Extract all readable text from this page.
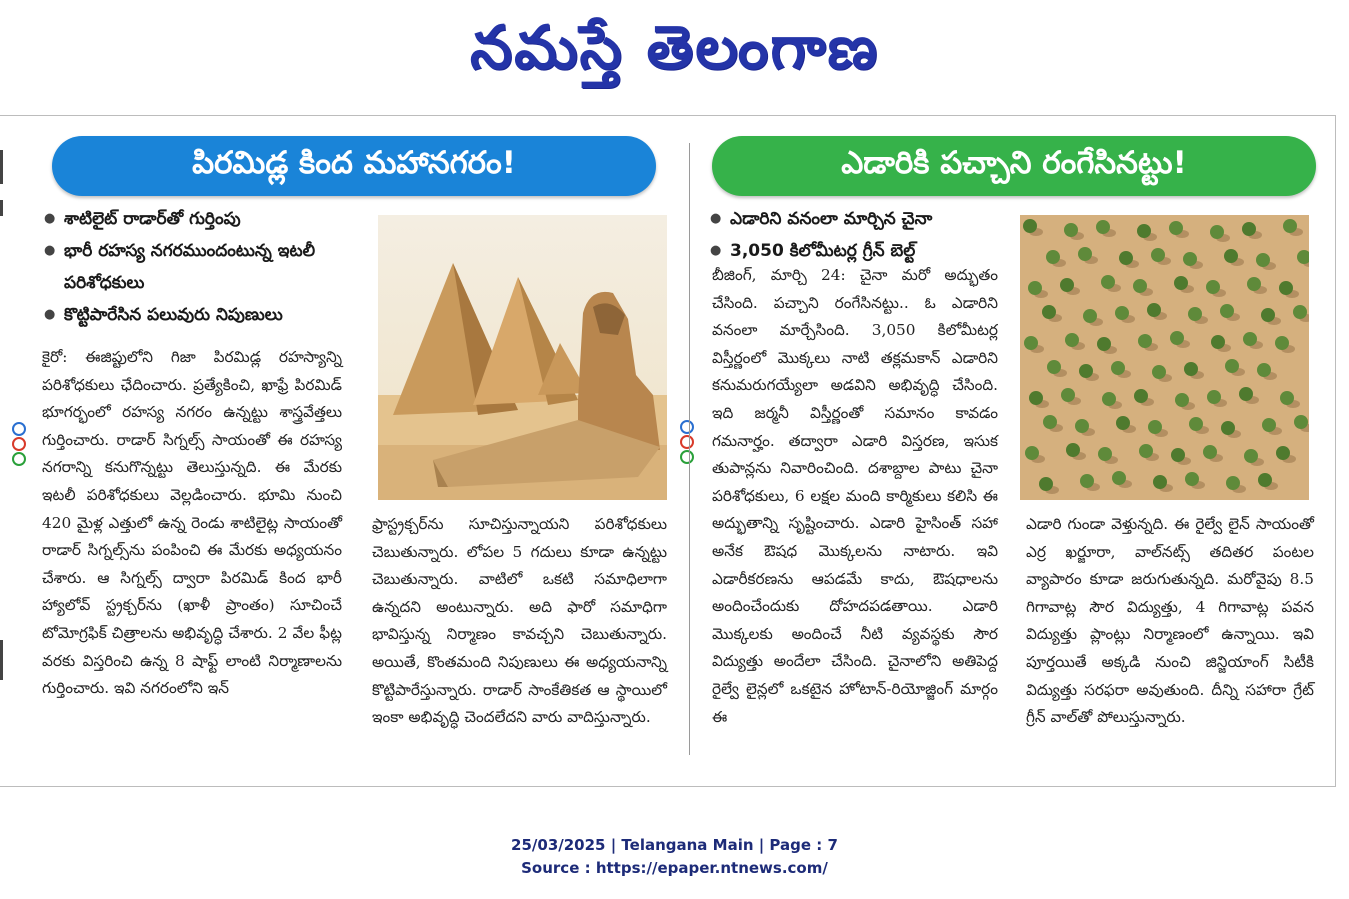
నమస్తే తెలంగాణ
పిరమిడ్ల కింద మహానగరం!
● శాటిలైట్ రాడార్‌తో గుర్తింపు
● భారీ రహస్య నగరముందంటున్న ఇటలీ పరిశోధకులు
● కొట్టిపారేసిన పలువురు నిపుణులు
కైరో: ఈజిప్టులోని గిజా పిరమిడ్ల రహస్యాన్ని పరిశోధకులు ఛేదించారు. ప్రత్యేకించి, ఖాఫ్రే పిరమిడ్ భూగర్భంలో రహస్య నగరం ఉన్నట్టు శాస్త్రవేత్తలు గుర్తించారు. రాడార్ సిగ్నల్స్ సాయంతో ఈ రహస్య నగరాన్ని కనుగొన్నట్టు తెలుస్తున్నది. ఈ మేరకు ఇటలీ పరిశోధకులు వెల్లడించారు. భూమి నుంచి 420 మైళ్ల ఎత్తులో ఉన్న రెండు శాటిలైట్ల సాయంతో రాడార్ సిగ్నల్స్‌ను పంపించి ఈ మేరకు అధ్యయనం చేశారు. ఆ సిగ్నల్స్ ద్వారా పిరమిడ్ కింద భారీ హ్యాలోవ్ స్ట్రక్చర్‌ను (ఖాళీ ప్రాంతం) సూచించే టోమోగ్రఫిక్ చిత్రాలను అభివృద్ధి చేశారు. 2 వేల ఫీట్ల వరకు విస్తరించి ఉన్న 8 షాఫ్ట్ లాంటి నిర్మాణాలను గుర్తించారు. ఇవి నగరంలోని ఇన్
ఫ్రాస్ట్రక్చర్‌ను సూచిస్తున్నాయని పరిశోధకులు చెబుతున్నారు. లోపల 5 గదులు కూడా ఉన్నట్టు చెబుతున్నారు. వాటిలో ఒకటి సమాధిలాగా ఉన్నదని అంటున్నారు. అది ఫారో సమాధిగా భావిస్తున్న నిర్మాణం కావచ్చని చెబుతున్నారు. అయితే, కొంతమంది నిపుణులు ఈ అధ్యయనాన్ని కొట్టిపారేస్తున్నారు. రాడార్ సాంకేతికత ఆ స్థాయిలో ఇంకా అభివృద్ధి చెందలేదని వారు వాదిస్తున్నారు.
ఎడారికి పచ్చాని రంగేసినట్టు!
● ఎడారిని వనంలా మార్చిన చైనా
● 3,050 కిలోమీటర్ల గ్రీన్ బెల్ట్
బీజింగ్, మార్చి 24: చైనా మరో అద్భుతం చేసింది. పచ్చాని రంగేసినట్టు.. ఓ ఎడారిని వనంలా మార్చేసింది. 3,050 కిలోమీటర్ల విస్తీర్ణంలో మొక్కలు నాటి తక్లమకాన్ ఎడారిని కనుమరుగయ్యేలా అడవిని అభివృద్ధి చేసింది. ఇది జర్మనీ విస్తీర్ణంతో సమానం కావడం గమనార్హం. తద్వారా ఎడారి విస్తరణ, ఇసుక తుపాన్లను నివారించింది. దశాబ్దాల పాటు చైనా పరిశోధకులు, 6 లక్షల మంది కార్మికులు కలిసి ఈ అద్భుతాన్ని సృష్టించారు. ఎడారి హైసింత్ సహా అనేక ఔషధ మొక్కలను నాటారు. ఇవి ఎడారీకరణను ఆపడమే కాదు, ఔషధాలను అందించేందుకు దోహదపడతాయి. ఎడారి మొక్కలకు అందించే నీటి వ్యవస్థకు సౌర విద్యుత్తు అందేలా చేసింది. చైనాలోని అతిపెద్ద రైల్వే లైన్లలో ఒకటైన హోటాన్-రియోజ్జింగ్ మార్గం ఈ
ఎడారి గుండా వెళ్తున్నది. ఈ రైల్వే లైన్ సాయంతో ఎర్ర ఖర్జూరా, వాల్‌నట్స్ తదితర పంటల వ్యాపారం కూడా జరుగుతున్నది. మరోవైపు 8.5 గిగావాట్ల సౌర విద్యుత్తు, 4 గిగావాట్ల పవన విద్యుత్తు ప్లాంట్లు నిర్మాణంలో ఉన్నాయి. ఇవి పూర్తయితే అక్కడి నుంచి జిన్జియాంగ్ సిటీకి విద్యుత్తు సరఫరా అవుతుంది. దీన్ని సహారా గ్రేట్ గ్రీన్ వాల్‌తో పోలుస్తున్నారు.
25/03/2025 | Telangana Main | Page : 7
Source : https://epaper.ntnews.com/
